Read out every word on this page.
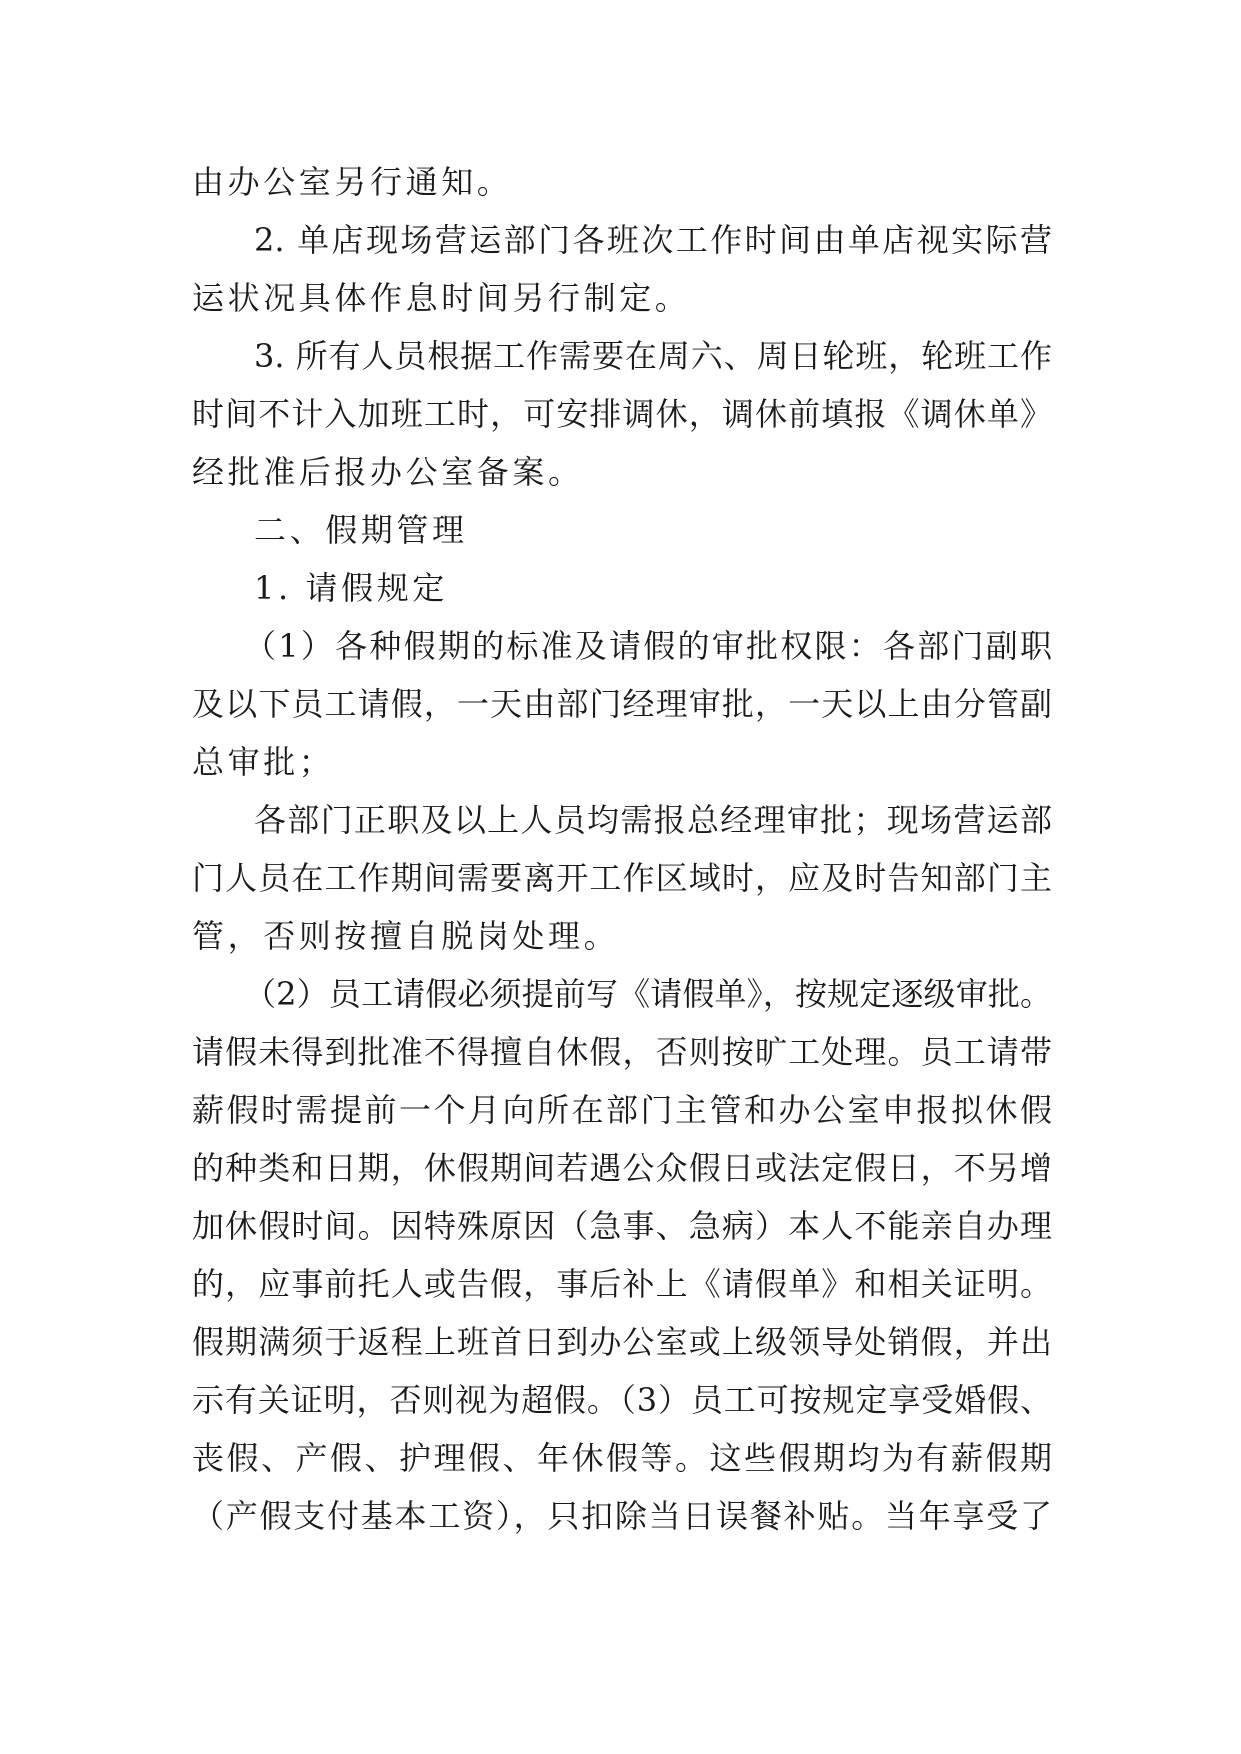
由办公室另行通知。
2. 单店现场营运部门各班次工作时间由单店视实际营
运状况具体作息时间另行制定。
3. 所有人员根据工作需要在周六、周日轮班，轮班工作
时间不计入加班工时，可安排调休，调休前填报《调休单》
经批准后报办公室备案。
二、假期管理
1. 请假规定
（1）各种假期的标准及请假的审批权限：各部门副职
及以下员工请假，一天由部门经理审批，一天以上由分管副
总审批；
各部门正职及以上人员均需报总经理审批；现场营运部
门人员在工作期间需要离开工作区域时，应及时告知部门主
管，否则按擅自脱岗处理。
（2）员工请假必须提前写《请假单》，按规定逐级审批。
请假未得到批准不得擅自休假，否则按旷工处理。员工请带
薪假时需提前一个月向所在部门主管和办公室申报拟休假
的种类和日期，休假期间若遇公众假日或法定假日，不另增
加休假时间。因特殊原因（急事、急病）本人不能亲自办理
的，应事前托人或告假，事后补上《请假单》和相关证明。
假期满须于返程上班首日到办公室或上级领导处销假，并出
示有关证明，否则视为超假。（3）员工可按规定享受婚假、
丧假、产假、护理假、年休假等。这些假期均为有薪假期
（产假支付基本工资），只扣除当日误餐补贴。当年享受了
